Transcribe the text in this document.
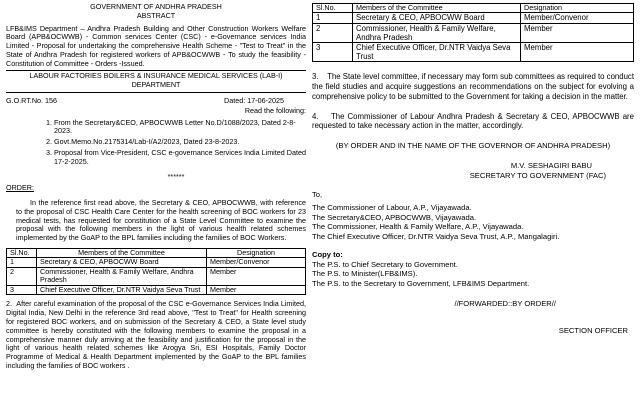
GOVERNMENT OF ANDHRA PRADESH

ABSTRACT

LFB&IMS Department – Andhra Pradesh Building and Other Construction Workers Welfare Board (APB&OCWWB) - Common services Center (CSC) - e-Governance services India Limited - Proposal for undertaking the comprehensive Health Scheme - "Test to Treat" in the State of Andhra Pradesh for registered workers of APB&OCWWB - To study the feasibility - Constitution of Committee - Orders -Issued.

LABOUR FACTORIES BOILERS & INSURANCE MEDICAL SERVICES (LAB-I) DEPARTMENT

G.O.RT.No. 156	Dated: 17-06-2025

Read the following:

1. From the Secretary&CEO, APBOCWWB Letter No.D/1088/2023, Dated 2-8-2023.
2. Govt.Memo.No.2175314/Lab-I/A2/2023, Dated 23-8-2023.
3. Proposal from Vice-President, CSC e-governance Services India Limited Dated 17-2-2025.

******

ORDER:

In the reference first read above, the Secretary & CEO, APBOCWWB, with reference to the proposal of CSC Health Care Center for the health screening of BOC workers for 23 medical tests, has requested for constitution of a State Level Committee to examine the proposal with the following members in the light of various health related schemes implemented by the GoAP to the BPL families including the families of BOC Workers.

Sl.No.	Members of the Committee	Designation
1	Secretary & CEO, APBOCWW Board	Member/Convenor
2	Commissioner, Health & Family Welfare, Andhra Pradesh	Member
3	Chief Executive Officer, Dr.NTR Vaidya Seva Trust	Member

2. After careful examination of the proposal of the CSC e-Governance Services India Limited, Digital India, New Delhi in the reference 3rd read above, "Test to Treat" for Health screening for registered BOC workers, and on submission of the Secretary & CEO, a State level study committee is hereby constituted with the following members to examine the proposal in a comprehensive manner duly arriving at the feasibility and justification for the proposal in the light of various health related schemes like Arogya Sri, ESI Hospitals, Family Doctor Programme of Medical & Health Department implemented by the GoAP to the BPL families including the families of BOC workers .

Sl.No.	Members of the Committee	Designation
1	Secretary & CEO, APBOCWW Board	Member/Convenor
2	Commissioner, Health & Family Welfare, Andhra Pradesh	Member
3	Chief Executive Officer, Dr.NTR Vaidya Seva Trust	Member

3. The State level committee, if necessary may form sub committees as required to conduct the field studies and acquire suggestions an recommendations on the subject for evolving a comprehensive policy to be submitted to the Government for taking a decision in the matter.

4. The Commissioner of Labour Andhra Pradesh & Secretary & CEO, APBOCWWB are requested to take necessary action in the matter, accordingly.

(BY ORDER AND IN THE NAME OF THE GOVERNOR OF ANDHRA PRADESH)

M.V. SESHAGIRI BABU

SECRETARY TO GOVERNMENT (FAC)

To,

The Commissioner of Labour, A.P., Vijayawada.

The Secretary&CEO, APBOCWWB, Vijayawada.

The Commissioner, Health & Family Welfare, A.P., Vijayawada.

The Chief Executive Officer, Dr.NTR Vaidya Seva Trust, A.P., Mangalagiri.

Copy to:

The P.S. to Chief Secretary to Government.

The P.S. to Minister(LFB&IMS).

The P.S. to the Secretary to Government, LFB&IMS Department.

//FORWARDED::BY ORDER//

SECTION OFFICER
